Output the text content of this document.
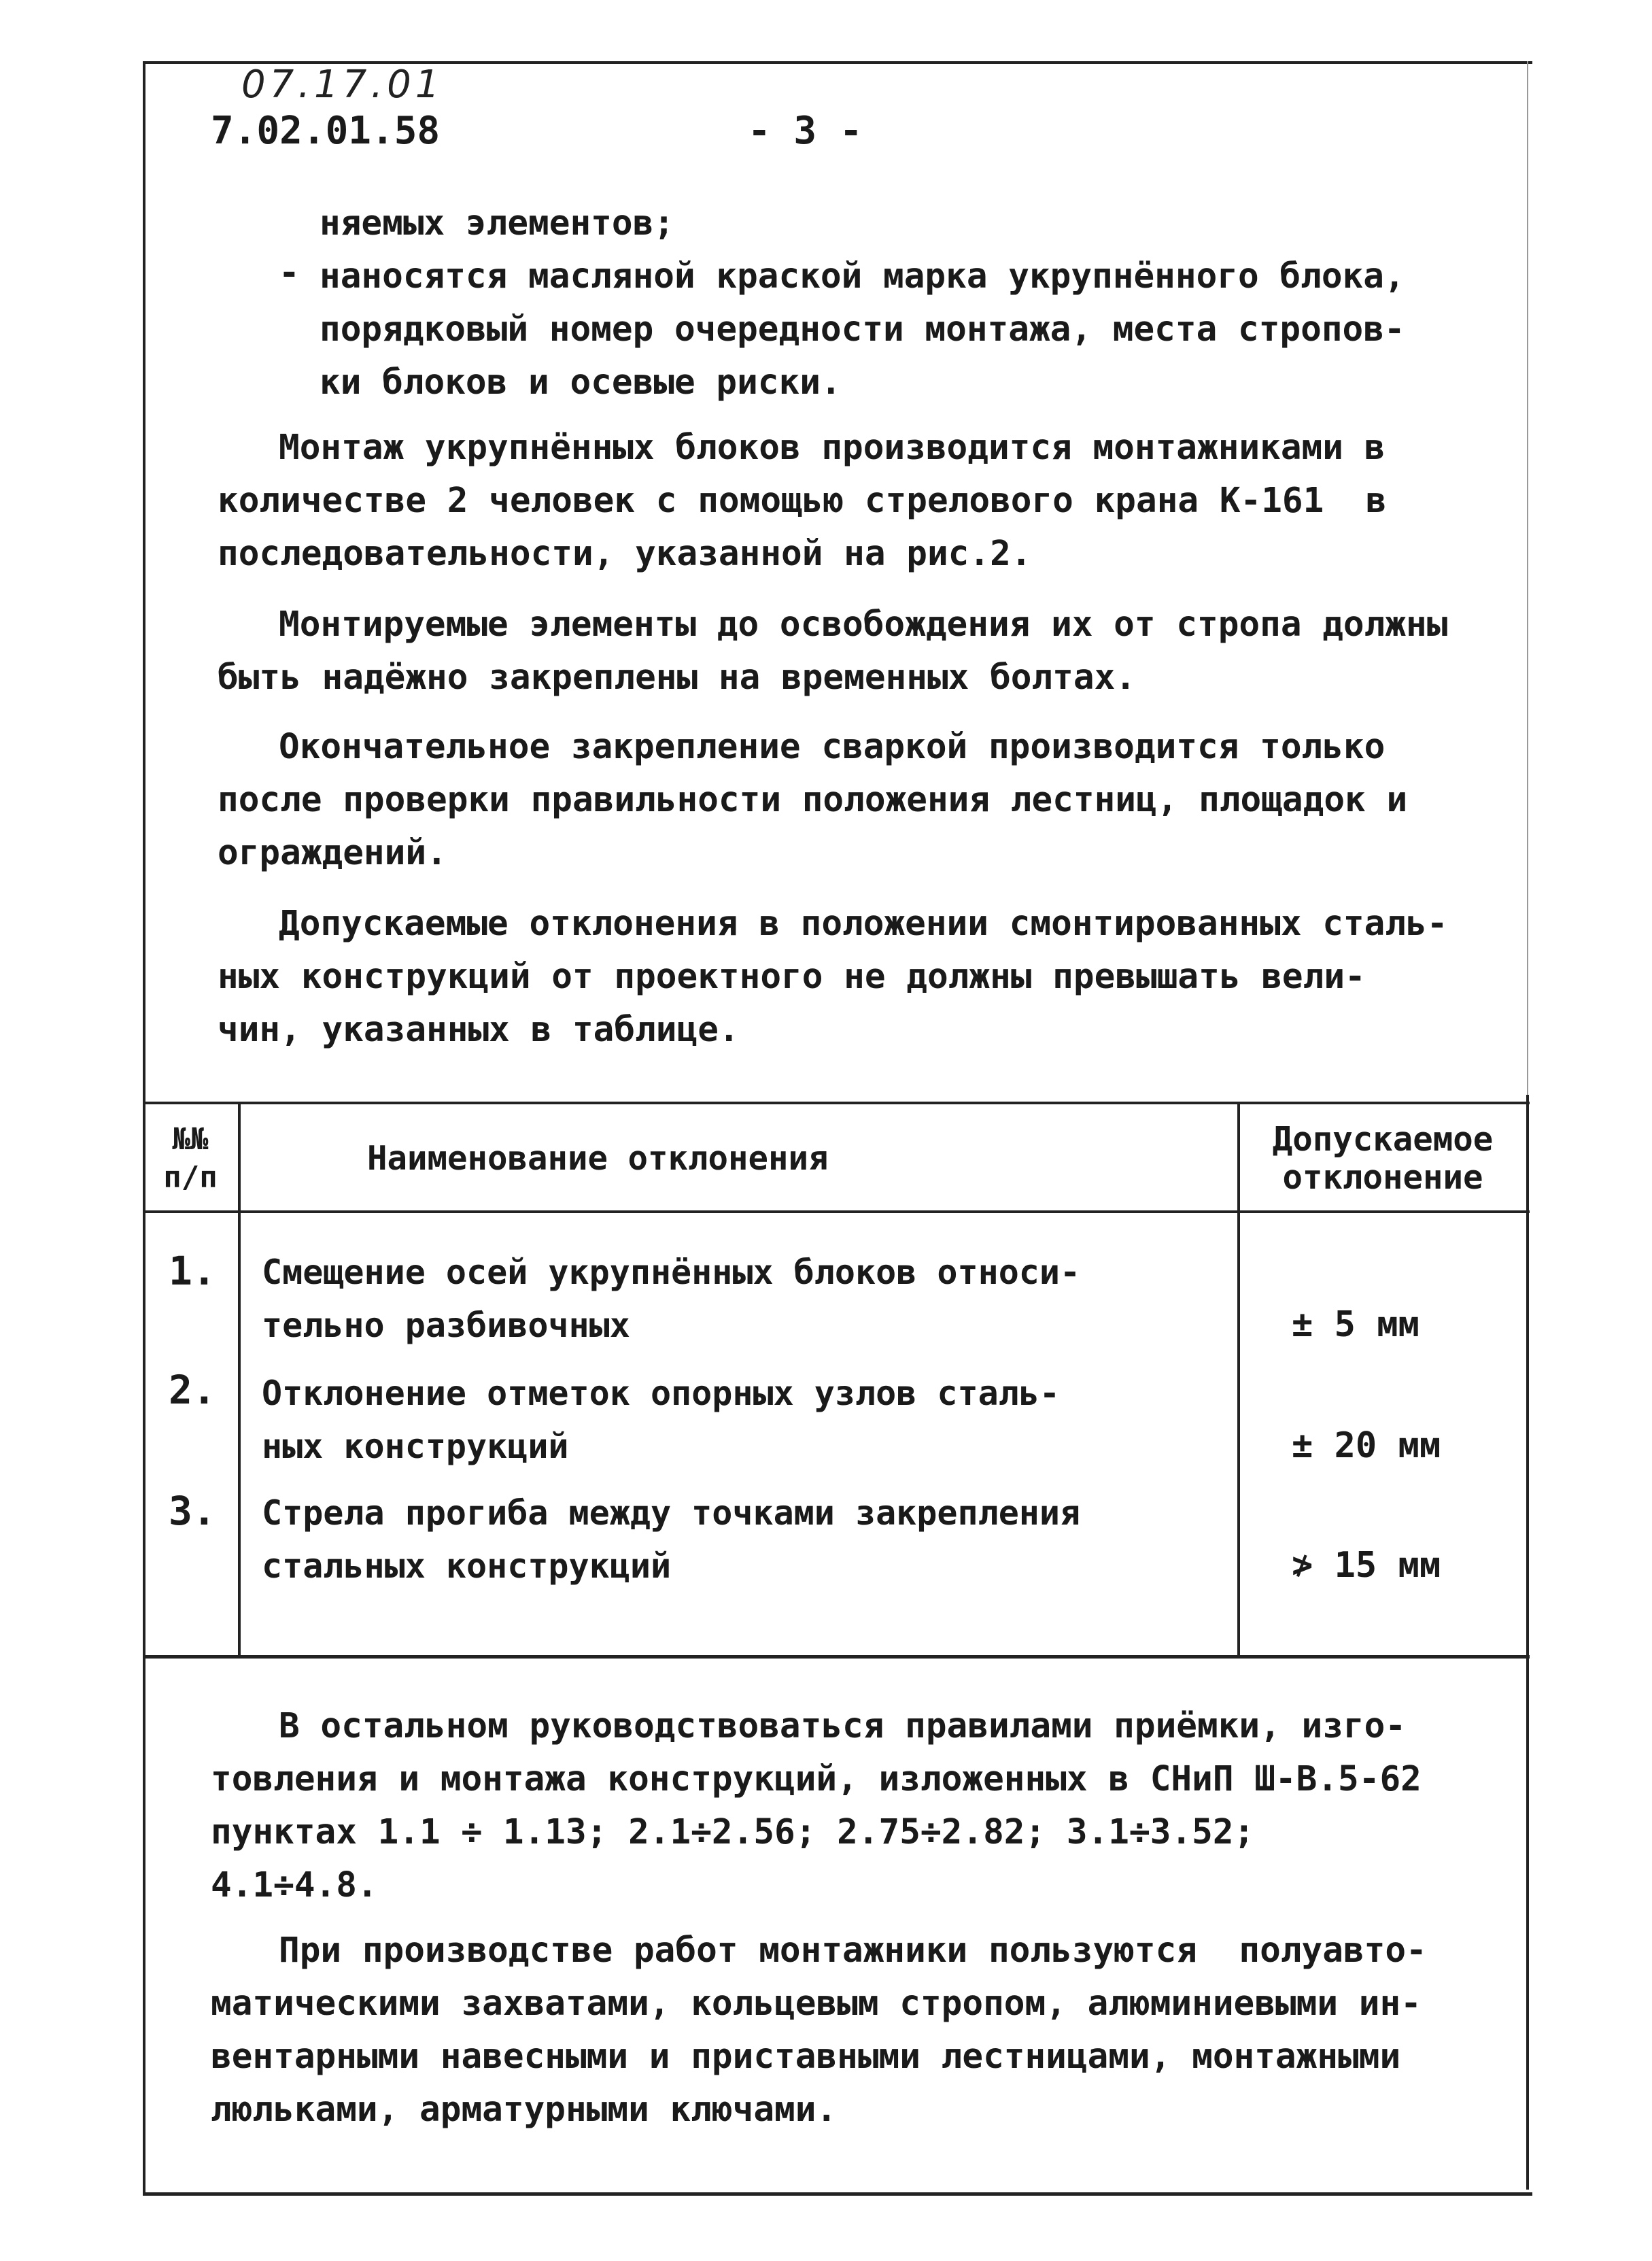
07.17.01
7.02.01.58	- 3 -
няемых элементов;
- наносятся масляной краской марка укрупнённого блока,
порядковый номер очередности монтажа, места стропов-
ки блоков и осевые риски.
Монтаж укрупнённых блоков производится монтажниками в
количестве 2 человек с помощью стрелового крана К-161  в
последовательности, указанной на рис.2.
Монтируемые элементы до освобождения их от стропа должны
быть надёжно закреплены на временных болтах.
Окончательное закрепление сваркой производится только
после проверки правильности положения лестниц, площадок и
ограждений.
Допускаемые отклонения в положении смонтированных сталь-
ных конструкций от проектного не должны превышать вели-
чин, указанных в таблице.
№№
п/п	Наименование отклонения	Допускаемое
отклонение
1. Смещение осей укрупнённых блоков относи-
тельно разбивочных	± 5 мм
2. Отклонение отметок опорных узлов сталь-
ных конструкций	± 20 мм
3. Стрела прогиба между точками закрепления
стальных конструкций	≯ 15 мм
В остальном руководствоваться правилами приёмки, изго-
товления и монтажа конструкций, изложенных в СНиП Ш-В.5-62
пунктах 1.1 ÷ 1.13; 2.1÷2.56; 2.75÷2.82; 3.1÷3.52;
4.1÷4.8.
При производстве работ монтажники пользуются  полуавто-
матическими захватами, кольцевым стропом, алюминиевыми ин-
вентарными навесными и приставными лестницами, монтажными
люльками, арматурными ключами.
